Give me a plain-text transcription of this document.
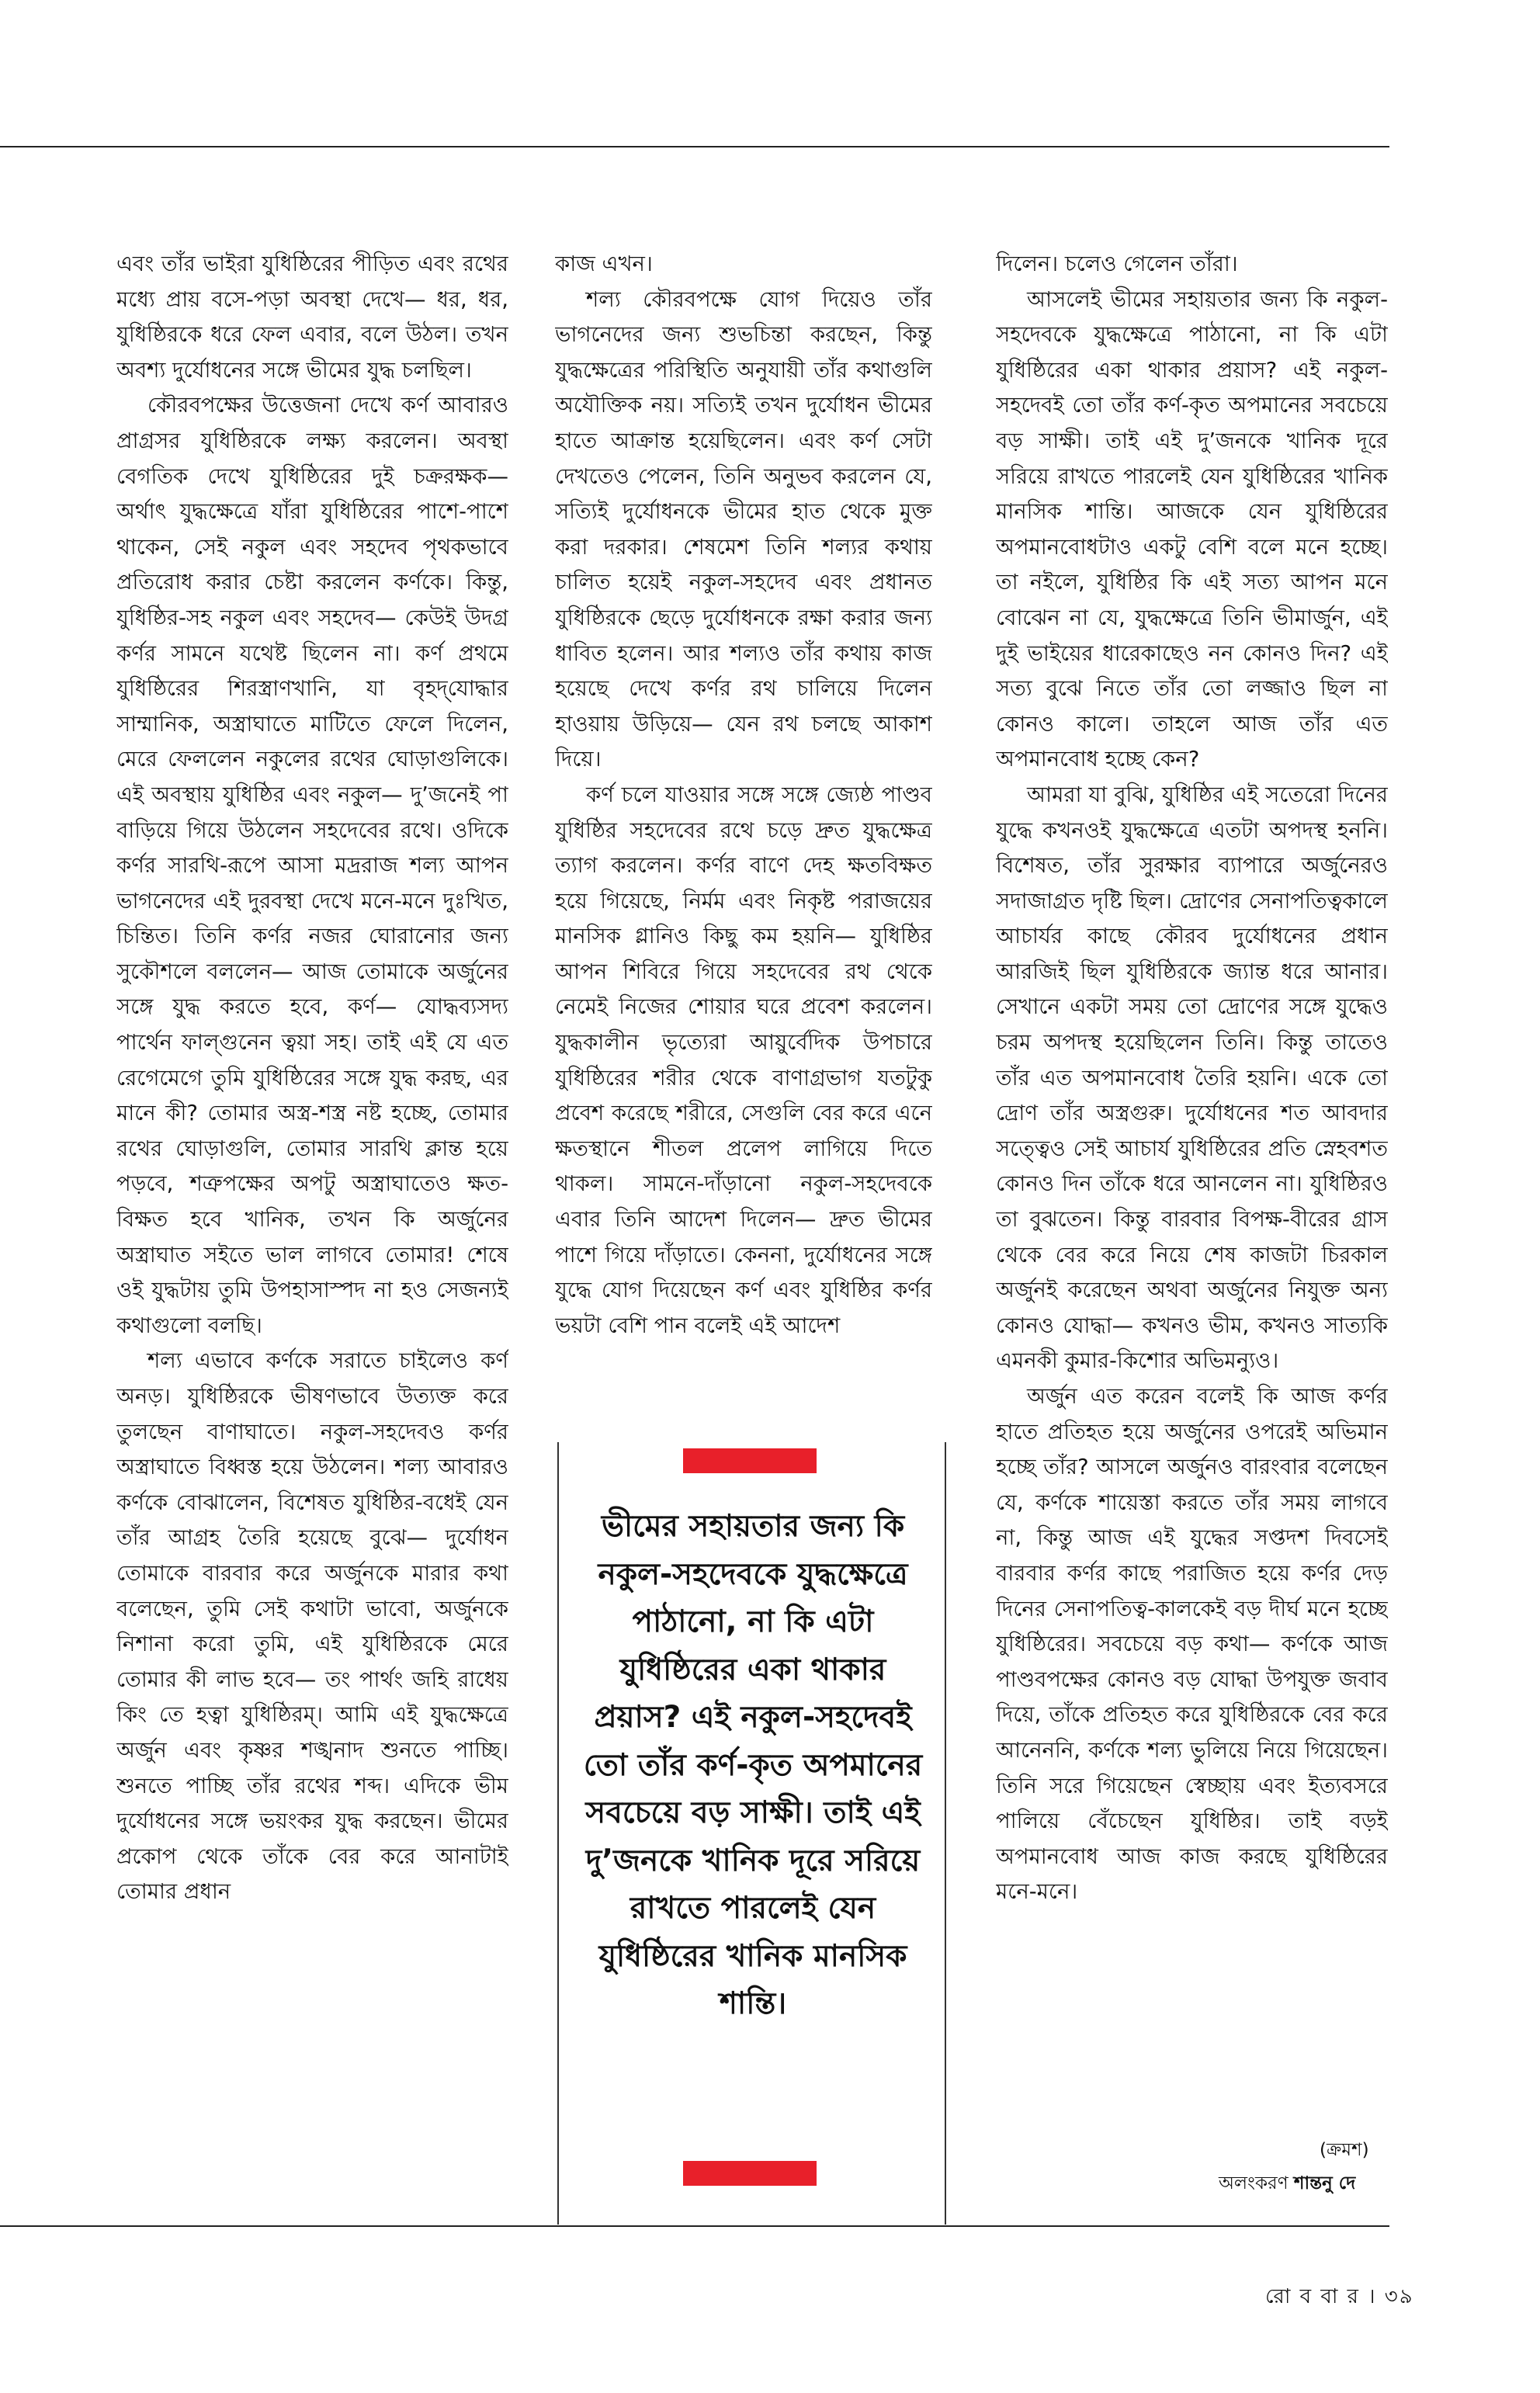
এবং তাঁর ভাইরা যুধিষ্ঠিরের পীড়িত এবং রথের মধ্যে প্রায় বসে-পড়া অবস্থা দেখে— ধর, ধর, যুধিষ্ঠিরকে ধরে ফেল এবার, বলে উঠল। তখন অবশ্য দুর্যোধনের সঙ্গে ভীমের যুদ্ধ চলছিল।

কৌরবপক্ষের উত্তেজনা দেখে কর্ণ আবারও প্রাগ্রসর যুধিষ্ঠিরকে লক্ষ্য করলেন। অবস্থা বেগতিক দেখে যুধিষ্ঠিরের দুই চক্ররক্ষক— অর্থাৎ যুদ্ধক্ষেত্রে যাঁরা যুধিষ্ঠিরের পাশে-পাশে থাকেন, সেই নকুল এবং সহদেব পৃথকভাবে প্রতিরোধ করার চেষ্টা করলেন কর্ণকে। কিন্তু, যুধিষ্ঠির-সহ নকুল এবং সহদেব— কেউই উদগ্র কর্ণর সামনে যথেষ্ট ছিলেন না। কর্ণ প্রথমে যুধিষ্ঠিরের শিরস্ত্রাণখানি, যা বৃহদ্‌যোদ্ধার সাম্মানিক, অস্ত্রাঘাতে মাটিতে ফেলে দিলেন, মেরে ফেললেন নকুলের রথের ঘোড়াগুলিকে। এই অবস্থায় যুধিষ্ঠির এবং নকুল— দু’জনেই পা বাড়িয়ে গিয়ে উঠলেন সহদেবের রথে। ওদিকে কর্ণর সারথি-রূপে আসা মদ্ররাজ শল্য আপন ভাগনেদের এই দুরবস্থা দেখে মনে-মনে দুঃখিত, চিন্তিত। তিনি কর্ণর নজর ঘোরানোর জন্য সুকৌশলে বললেন— আজ তোমাকে অর্জুনের সঙ্গে যুদ্ধ করতে হবে, কর্ণ— যোদ্ধব্যসদ্য পার্থেন ফাল্গুনেন ত্বয়া সহ। তাই এই যে এত রেগেমেগে তুমি যুধিষ্ঠিরের সঙ্গে যুদ্ধ করছ, এর মানে কী? তোমার অস্ত্র-শস্ত্র নষ্ট হচ্ছে, তোমার রথের ঘোড়াগুলি, তোমার সারথি ক্লান্ত হয়ে পড়বে, শত্রুপক্ষের অপটু অস্ত্রাঘাতেও ক্ষত-বিক্ষত হবে খানিক, তখন কি অর্জুনের অস্ত্রাঘাত সইতে ভাল লাগবে তোমার! শেষে ওই যুদ্ধটায় তুমি উপহাসাস্পদ না হও সেজন্যই কথাগুলো বলছি।

শল্য এভাবে কর্ণকে সরাতে চাইলেও কর্ণ অনড়। যুধিষ্ঠিরকে ভীষণভাবে উত্যক্ত করে তুলছেন বাণাঘাতে। নকুল-সহদেবও কর্ণর অস্ত্রাঘাতে বিধ্বস্ত হয়ে উঠলেন। শল্য আবারও কর্ণকে বোঝালেন, বিশেষত যুধিষ্ঠির-বধেই যেন তাঁর আগ্রহ তৈরি হয়েছে বুঝে— দুর্যোধন তোমাকে বারবার করে অর্জুনকে মারার কথা বলেছেন, তুমি সেই কথাটা ভাবো, অর্জুনকে নিশানা করো তুমি, এই যুধিষ্ঠিরকে মেরে তোমার কী লাভ হবে— তং পার্থং জহি রাধেয় কিং তে হত্বা যুধিষ্ঠিরম্‌। আমি এই যুদ্ধক্ষেত্রে অর্জুন এবং কৃষ্ণর শঙ্খনাদ শুনতে পাচ্ছি। শুনতে পাচ্ছি তাঁর রথের শব্দ। এদিকে ভীম দুর্যোধনের সঙ্গে ভয়ংকর যুদ্ধ করছেন। ভীমের প্রকোপ থেকে তাঁকে বের করে আনাটাই তোমার প্রধান

কাজ এখন।

শল্য কৌরবপক্ষে যোগ দিয়েও তাঁর ভাগনেদের জন্য শুভচিন্তা করছেন, কিন্তু যুদ্ধক্ষেত্রের পরিস্থিতি অনুযায়ী তাঁর কথাগুলি অযৌক্তিক নয়। সত্যিই তখন দুর্যোধন ভীমের হাতে আক্রান্ত হয়েছিলেন। এবং কর্ণ সেটা দেখতেও পেলেন, তিনি অনুভব করলেন যে, সত্যিই দুর্যোধনকে ভীমের হাত থেকে মুক্ত করা দরকার। শেষমেশ তিনি শল্যর কথায় চালিত হয়েই নকুল-সহদেব এবং প্রধানত যুধিষ্ঠিরকে ছেড়ে দুর্যোধনকে রক্ষা করার জন্য ধাবিত হলেন। আর শল্যও তাঁর কথায় কাজ হয়েছে দেখে কর্ণর রথ চালিয়ে দিলেন হাওয়ায় উড়িয়ে— যেন রথ চলছে আকাশ দিয়ে।

কর্ণ চলে যাওয়ার সঙ্গে সঙ্গে জ্যেষ্ঠ পাণ্ডব যুধিষ্ঠির সহদেবের রথে চড়ে দ্রুত যুদ্ধক্ষেত্র ত্যাগ করলেন। কর্ণর বাণে দেহ ক্ষতবিক্ষত হয়ে গিয়েছে, নির্মম এবং নিকৃষ্ট পরাজয়ের মানসিক গ্লানিও কিছু কম হয়নি— যুধিষ্ঠির আপন শিবিরে গিয়ে সহদেবের রথ থেকে নেমেই নিজের শোয়ার ঘরে প্রবেশ করলেন। যুদ্ধকালীন ভৃত্যেরা আয়ুর্বেদিক উপচারে যুধিষ্ঠিরের শরীর থেকে বাণাগ্রভাগ যতটুকু প্রবেশ করেছে শরীরে, সেগুলি বের করে এনে ক্ষতস্থানে শীতল প্রলেপ লাগিয়ে দিতে থাকল। সামনে-দাঁড়ানো নকুল-সহদেবকে এবার তিনি আদেশ দিলেন— দ্রুত ভীমের পাশে গিয়ে দাঁড়াতে। কেননা, দুর্যোধনের সঙ্গে যুদ্ধে যোগ দিয়েছেন কর্ণ এবং যুধিষ্ঠির কর্ণর ভয়টা বেশি পান বলেই এই আদেশ

দিলেন। চলেও গেলেন তাঁরা।

আসলেই ভীমের সহায়তার জন্য কি নকুল-সহদেবকে যুদ্ধক্ষেত্রে পাঠানো, না কি এটা যুধিষ্ঠিরের একা থাকার প্রয়াস? এই নকুল-সহদেবই তো তাঁর কর্ণ-কৃত অপমানের সবচেয়ে বড় সাক্ষী। তাই এই দু’জনকে খানিক দূরে সরিয়ে রাখতে পারলেই যেন যুধিষ্ঠিরের খানিক মানসিক শান্তি। আজকে যেন যুধিষ্ঠিরের অপমানবোধটাও একটু বেশি বলে মনে হচ্ছে। তা নইলে, যুধিষ্ঠির কি এই সত্য আপন মনে বোঝেন না যে, যুদ্ধক্ষেত্রে তিনি ভীমার্জুন, এই দুই ভাইয়ের ধারেকাছেও নন কোনও দিন? এই সত্য বুঝে নিতে তাঁর তো লজ্জাও ছিল না কোনও কালে। তাহলে আজ তাঁর এত অপমানবোধ হচ্ছে কেন?

আমরা যা বুঝি, যুধিষ্ঠির এই সতেরো দিনের যুদ্ধে কখনওই যুদ্ধক্ষেত্রে এতটা অপদস্থ হননি। বিশেষত, তাঁর সুরক্ষার ব্যাপারে অর্জুনেরও সদাজাগ্রত দৃষ্টি ছিল। দ্রোণের সেনাপতিত্বকালে আচার্যর কাছে কৌরব দুর্যোধনের প্রধান আরজিই ছিল যুধিষ্ঠিরকে জ্যান্ত ধরে আনার। সেখানে একটা সময় তো দ্রোণের সঙ্গে যুদ্ধেও চরম অপদস্থ হয়েছিলেন তিনি। কিন্তু তাতেও তাঁর এত অপমানবোধ তৈরি হয়নি। একে তো দ্রোণ তাঁর অস্ত্রগুরু। দুর্যোধনের শত আবদার সত্ত্বেও সেই আচার্য যুধিষ্ঠিরের প্রতি স্নেহবশত কোনও দিন তাঁকে ধরে আনলেন না। যুধিষ্ঠিরও তা বুঝতেন। কিন্তু বারবার বিপক্ষ-বীরের গ্রাস থেকে বের করে নিয়ে শেষ কাজটা চিরকাল অর্জুনই করেছেন অথবা অর্জুনের নিযুক্ত অন্য কোনও যোদ্ধা— কখনও ভীম, কখনও সাত্যকি এমনকী কুমার-কিশোর অভিমন্যুও।

অর্জুন এত করেন বলেই কি আজ কর্ণর হাতে প্রতিহত হয়ে অর্জুনের ওপরেই অভিমান হচ্ছে তাঁর? আসলে অর্জুনও বারংবার বলেছেন যে, কর্ণকে শায়েস্তা করতে তাঁর সময় লাগবে না, কিন্তু আজ এই যুদ্ধের সপ্তদশ দিবসেই বারবার কর্ণর কাছে পরাজিত হয়ে কর্ণর দেড় দিনের সেনাপতিত্ব-কালকেই বড় দীর্ঘ মনে হচ্ছে যুধিষ্ঠিরের। সবচেয়ে বড় কথা— কর্ণকে আজ পাণ্ডবপক্ষের কোনও বড় যোদ্ধা উপযুক্ত জবাব দিয়ে, তাঁকে প্রতিহত করে যুধিষ্ঠিরকে বের করে আনেননি, কর্ণকে শল্য ভুলিয়ে নিয়ে গিয়েছেন। তিনি সরে গিয়েছেন স্বেচ্ছায় এবং ইত্যবসরে পালিয়ে বেঁচেছেন যুধিষ্ঠির। তাই বড়ই অপমানবোধ আজ কাজ করছে যুধিষ্ঠিরের মনে-মনে।

ভীমের সহায়তার জন্য কি নকুল-সহদেবকে যুদ্ধক্ষেত্রে পাঠানো, না কি এটা যুধিষ্ঠিরের একা থাকার প্রয়াস? এই নকুল-সহদেবই তো তাঁর কর্ণ-কৃত অপমানের সবচেয়ে বড় সাক্ষী। তাই এই দু’জনকে খানিক দূরে সরিয়ে রাখতে পারলেই যেন যুধিষ্ঠিরের খানিক মানসিক শান্তি।
(ক্রমশ)
অলংকরণ শান্তনু দে
রো ব বা র । ৩৯
